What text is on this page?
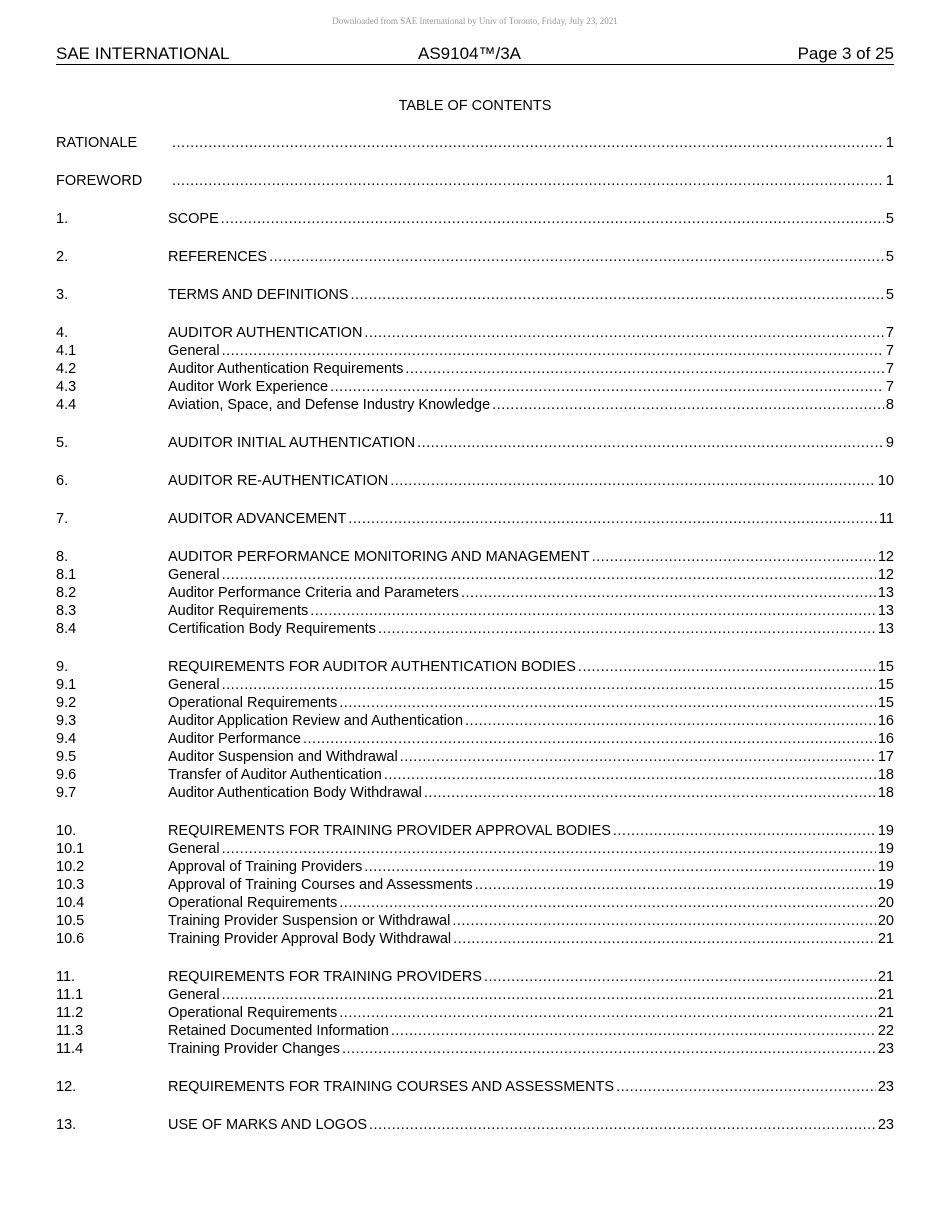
Downloaded from SAE International by Univ of Toronto, Friday, July 23, 2021
SAE INTERNATIONAL	AS9104™/3A	Page 3 of 25
TABLE OF CONTENTS
RATIONALE .....	1
FOREWORD .....	1
1.	SCOPE .....	5
2.	REFERENCES .....	5
3.	TERMS AND DEFINITIONS .....	5
4.	AUDITOR AUTHENTICATION .....	7
4.1	General .....	7
4.2	Auditor Authentication Requirements .....	7
4.3	Auditor Work Experience .....	7
4.4	Aviation, Space, and Defense Industry Knowledge .....	8
5.	AUDITOR INITIAL AUTHENTICATION .....	9
6.	AUDITOR RE-AUTHENTICATION .....	10
7.	AUDITOR ADVANCEMENT .....	11
8.	AUDITOR PERFORMANCE MONITORING AND MANAGEMENT .....	12
8.1	General .....	12
8.2	Auditor Performance Criteria and Parameters .....	13
8.3	Auditor Requirements .....	13
8.4	Certification Body Requirements .....	13
9.	REQUIREMENTS FOR AUDITOR AUTHENTICATION BODIES .....	15
9.1	General .....	15
9.2	Operational Requirements .....	15
9.3	Auditor Application Review and Authentication .....	16
9.4	Auditor Performance .....	16
9.5	Auditor Suspension and Withdrawal .....	17
9.6	Transfer of Auditor Authentication .....	18
9.7	Auditor Authentication Body Withdrawal .....	18
10.	REQUIREMENTS FOR TRAINING PROVIDER APPROVAL BODIES .....	19
10.1	General .....	19
10.2	Approval of Training Providers .....	19
10.3	Approval of Training Courses and Assessments .....	19
10.4	Operational Requirements .....	20
10.5	Training Provider Suspension or Withdrawal .....	20
10.6	Training Provider Approval Body Withdrawal .....	21
11.	REQUIREMENTS FOR TRAINING PROVIDERS .....	21
11.1	General .....	21
11.2	Operational Requirements .....	21
11.3	Retained Documented Information .....	22
11.4	Training Provider Changes .....	23
12.	REQUIREMENTS FOR TRAINING COURSES AND ASSESSMENTS .....	23
13.	USE OF MARKS AND LOGOS .....	23
